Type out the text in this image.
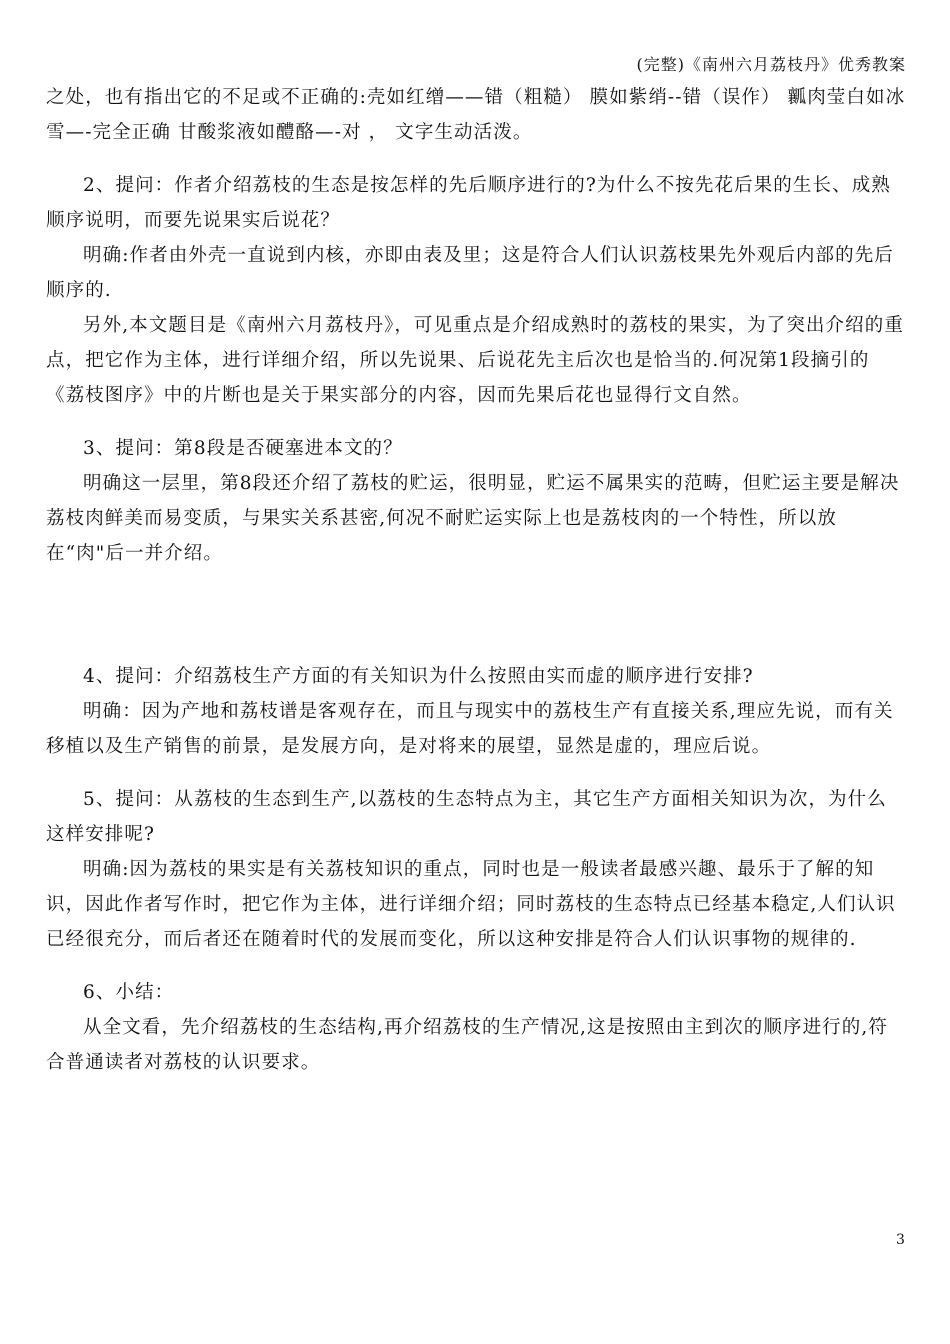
(完整)《南州六月荔枝丹》优秀教案

之处，也有指出它的不足或不正确的:壳如红缯——错（粗糙） 膜如紫绡--错（误作） 瓤肉莹白如冰雪—-完全正确 甘酸浆液如醴酪—-对 ， 文字生动活泼。

2、提问：作者介绍荔枝的生态是按怎样的先后顺序进行的?为什么不按先花后果的生长、成熟顺序说明，而要先说果实后说花？

明确:作者由外壳一直说到内核，亦即由表及里；这是符合人们认识荔枝果先外观后内部的先后顺序的.

另外,本文题目是《南州六月荔枝丹》，可见重点是介绍成熟时的荔枝的果实，为了突出介绍的重点，把它作为主体，进行详细介绍，所以先说果、后说花先主后次也是恰当的.何况第1段摘引的《荔枝图序》中的片断也是关于果实部分的内容，因而先果后花也显得行文自然。

3、提问：第8段是否硬塞进本文的？

明确这一层里，第8段还介绍了荔枝的贮运，很明显，贮运不属果实的范畴，但贮运主要是解决荔枝肉鲜美而易变质，与果实关系甚密,何况不耐贮运实际上也是荔枝肉的一个特性，所以放在“肉"后一并介绍。

4、提问：介绍荔枝生产方面的有关知识为什么按照由实而虚的顺序进行安排?

明确：因为产地和荔枝谱是客观存在，而且与现实中的荔枝生产有直接关系,理应先说，而有关移植以及生产销售的前景，是发展方向，是对将来的展望，显然是虚的，理应后说。

5、提问：从荔枝的生态到生产,以荔枝的生态特点为主，其它生产方面相关知识为次，为什么这样安排呢?

明确:因为荔枝的果实是有关荔枝知识的重点，同时也是一般读者最感兴趣、最乐于了解的知识，因此作者写作时，把它作为主体，进行详细介绍；同时荔枝的生态特点已经基本稳定,人们认识已经很充分，而后者还在随着时代的发展而变化，所以这种安排是符合人们认识事物的规律的.

6、小结：

从全文看，先介绍荔枝的生态结构,再介绍荔枝的生产情况,这是按照由主到次的顺序进行的,符合普通读者对荔枝的认识要求。

3
